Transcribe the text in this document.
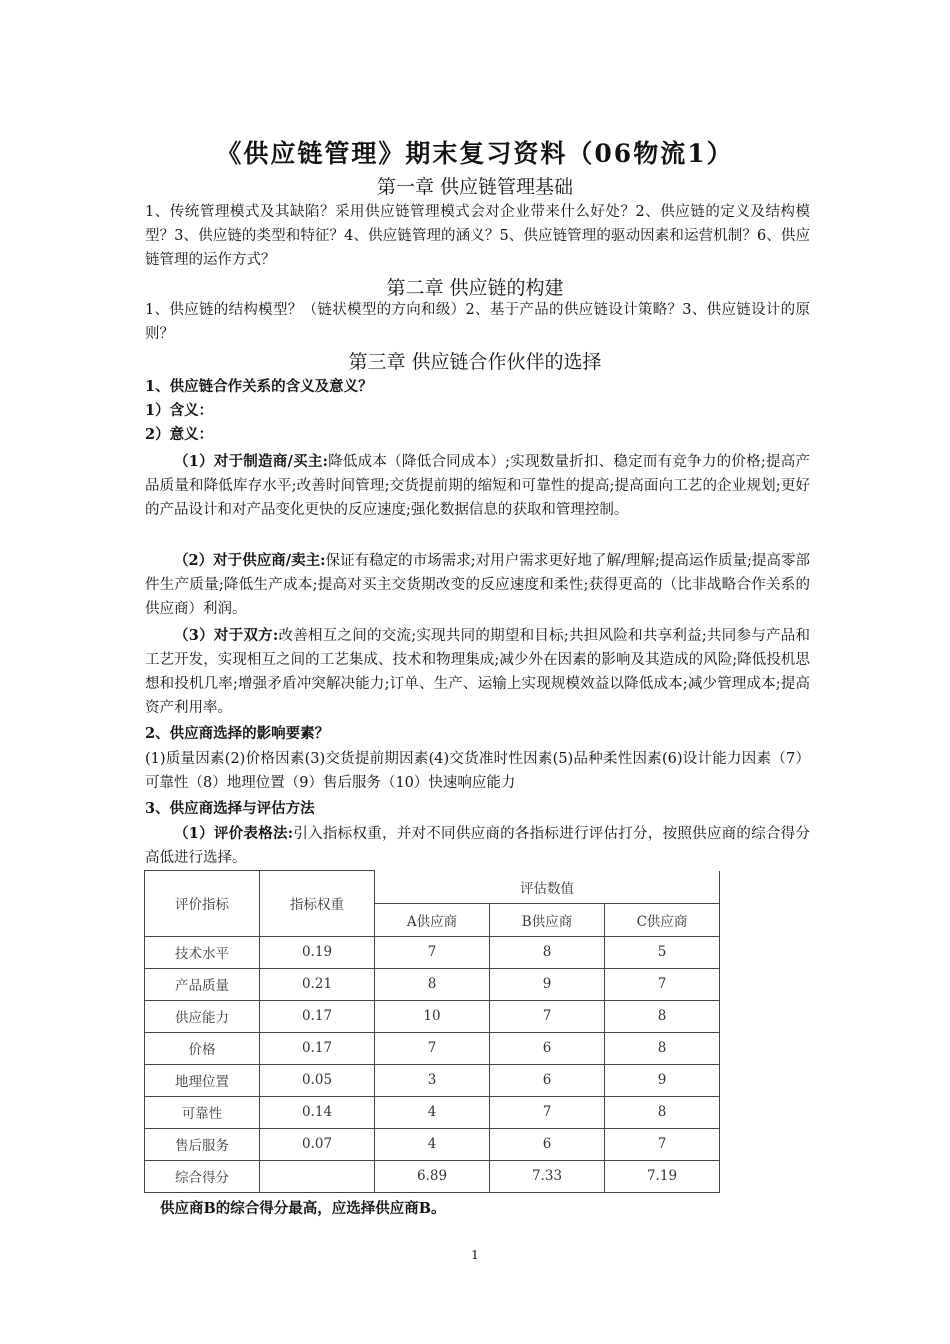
《供应链管理》期末复习资料（06物流1）
第一章 供应链管理基础

1、传统管理模式及其缺陷？采用供应链管理模式会对企业带来什么好处？2、供应链的定义及结构模型？3、供应链的类型和特征？4、供应链管理的涵义？5、供应链管理的驱动因素和运营机制？6、供应链管理的运作方式？

第二章 供应链的构建

1、供应链的结构模型？（链状模型的方向和级）2、基于产品的供应链设计策略？3、供应链设计的原则？

第三章 供应链合作伙伴的选择
1、供应链合作关系的含义及意义？
1）含义：
2）意义：

（1）对于制造商/买主:降低成本（降低合同成本）;实现数量折扣、稳定而有竞争力的价格;提高产品质量和降低库存水平;改善时间管理;交货提前期的缩短和可靠性的提高;提高面向工艺的企业规划;更好的产品设计和对产品变化更快的反应速度;强化数据信息的获取和管理控制。

（2）对于供应商/卖主:保证有稳定的市场需求;对用户需求更好地了解/理解;提高运作质量;提高零部件生产质量;降低生产成本;提高对买主交货期改变的反应速度和柔性;获得更高的（比非战略合作关系的供应商）利润。

（3）对于双方:改善相互之间的交流;实现共同的期望和目标;共担风险和共享利益;共同参与产品和工艺开发，实现相互之间的工艺集成、技术和物理集成;减少外在因素的影响及其造成的风险;降低投机思想和投机几率;增强矛盾冲突解决能力;订单、生产、运输上实现规模效益以降低成本;减少管理成本;提高资产利用率。

2、供应商选择的影响要素？

(1)质量因素(2)价格因素(3)交货提前期因素(4)交货准时性因素(5)品种柔性因素(6)设计能力因素（7）可靠性（8）地理位置（9）售后服务（10）快速响应能力

3、供应商选择与评估方法

（1）评价表格法:引入指标权重，并对不同供应商的各指标进行评估打分，按照供应商的综合得分高低进行选择。

评价指标	指标权重	评估数值		
		A供应商	B供应商	C供应商
技术水平	0.19	7	8	5
产品质量	0.21	8	9	7
供应能力	0.17	10	7	8
价格	0.17	7	6	8
地理位置	0.05	3	6	9
可靠性	0.14	4	7	8
售后服务	0.07	4	6	7
综合得分		6.89	7.33	7.19
供应商B的综合得分最高，应选择供应商B。
1
